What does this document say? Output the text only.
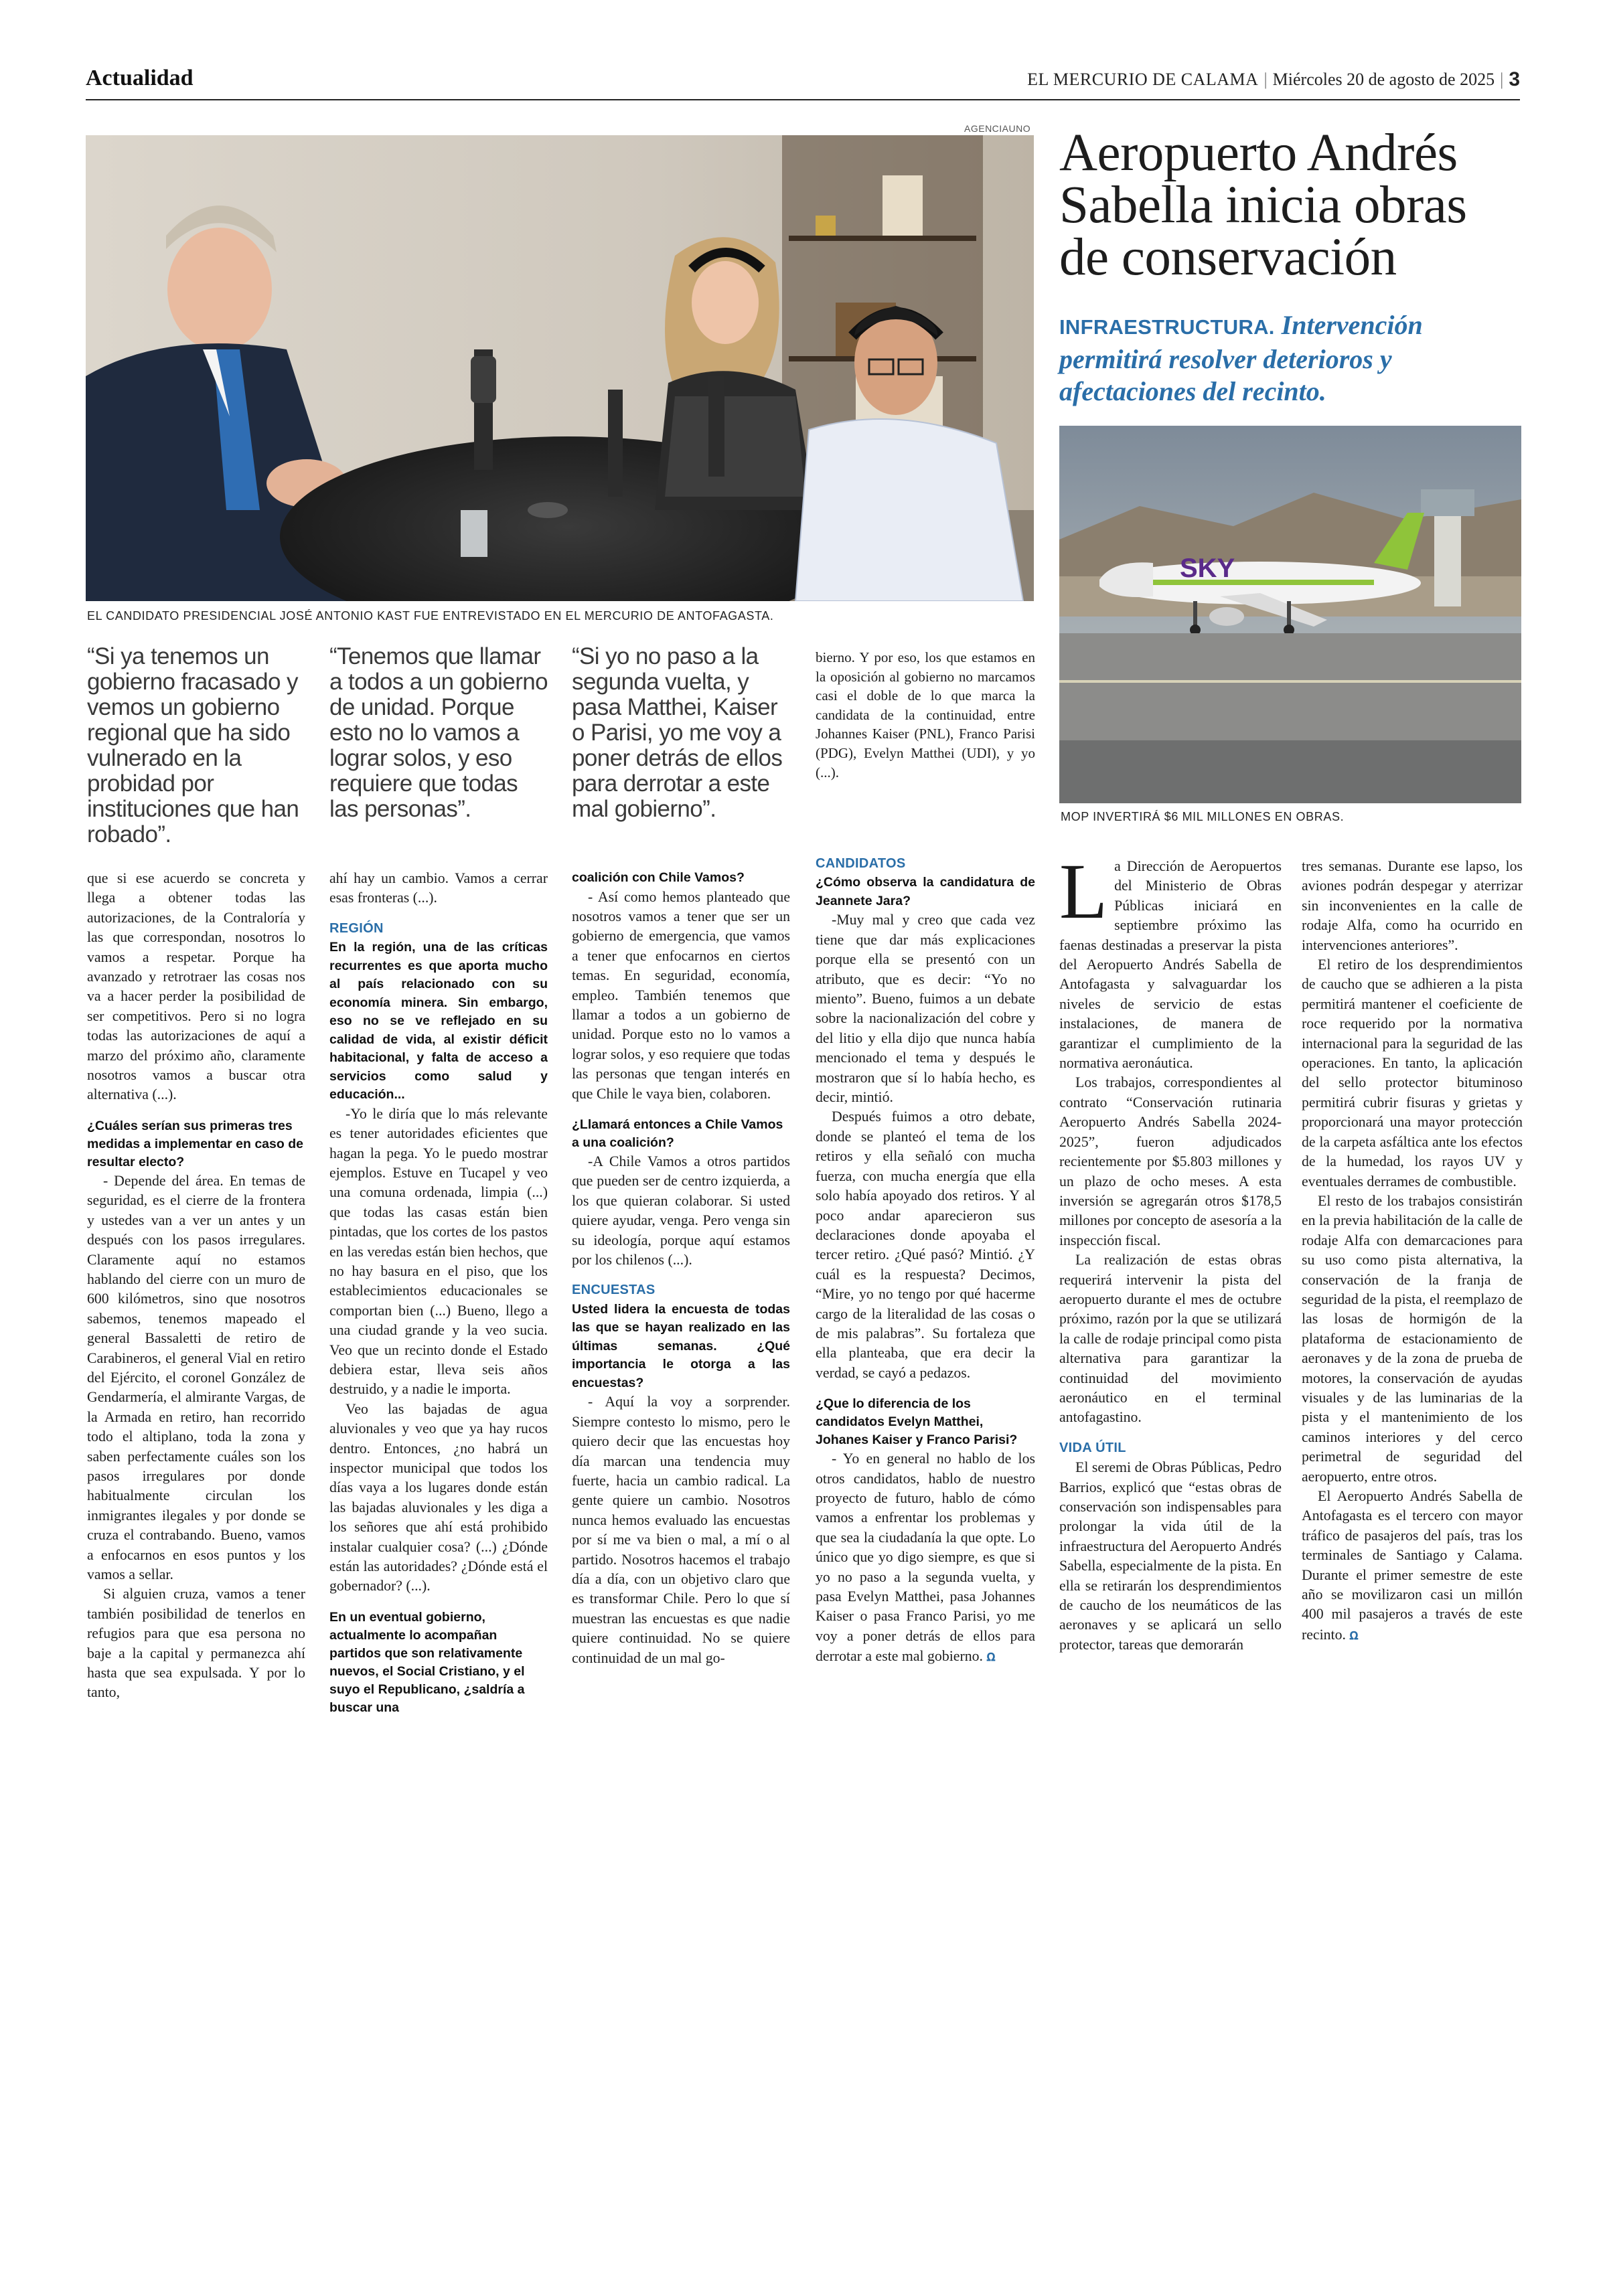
Actualidad	EL MERCURIO DE CALAMA | Miércoles 20 de agosto de 2025 | 3
AGENCIAUNO
EL CANDIDATO PRESIDENCIAL JOSÉ ANTONIO KAST FUE ENTREVISTADO EN EL MERCURIO DE ANTOFAGASTA.
“Si ya tenemos un gobierno fracasado y vemos un gobierno regional que ha sido vulnerado en la probidad por instituciones que han robado”.
“Tenemos que llamar a todos a un gobierno de unidad. Porque esto no lo vamos a lograr solos, y eso requiere que todas las personas”.
“Si yo no paso a la segunda vuelta, y pasa Matthei, Kaiser o Parisi, yo me voy a poner detrás de ellos para derrotar a este mal gobierno”.

bierno. Y por eso, los que estamos en la oposición al gobierno no marcamos casi el doble de lo que marca la candidata de la continuidad, entre Johannes Kaiser (PNL), Franco Parisi (PDG), Evelyn Matthei (UDI), y yo (...).

que si ese acuerdo se concreta y llega a obtener todas las autorizaciones, de la Contraloría y las que correspondan, nosotros lo vamos a respetar. Porque ha avanzado y retrotraer las cosas nos va a hacer perder la posibilidad de ser competitivos. Pero si no logra todas las autorizaciones de aquí a marzo del próximo año, claramente nosotros vamos a buscar otra alternativa (...).

¿Cuáles serían sus primeras tres medidas a implementar en caso de resultar electo?

- Depende del área. En temas de seguridad, es el cierre de la frontera y ustedes van a ver un antes y un después con los pasos irregulares. Claramente aquí no estamos hablando del cierre con un muro de 600 kilómetros, sino que nosotros sabemos, tenemos mapeado el general Bassaletti de retiro de Carabineros, el general Vial en retiro del Ejército, el coronel González de Gendarmería, el almirante Vargas, de la Armada en retiro, han recorrido todo el altiplano, toda la zona y saben perfectamente cuáles son los pasos irregulares por donde habitualmente circulan los inmigrantes ilegales y por donde se cruza el contrabando. Bueno, vamos a enfocarnos en esos puntos y los vamos a sellar.

Si alguien cruza, vamos a tener también posibilidad de tenerlos en refugios para que esa persona no baje a la capital y permanezca ahí hasta que sea expulsada. Y por lo tanto,

ahí hay un cambio. Vamos a cerrar esas fronteras (...).

REGIÓN

En la región, una de las críticas recurrentes es que aporta mucho al país relacionado con su economía minera. Sin embargo, eso no se ve reflejado en su calidad de vida, al existir déficit habitacional, y falta de acceso a servicios como salud y educación...

-Yo le diría que lo más relevante es tener autoridades eficientes que hagan la pega. Yo le puedo mostrar ejemplos. Estuve en Tucapel y veo una comuna ordenada, limpia (...) que todas las casas están bien pintadas, que los cortes de los pastos en las veredas están bien hechos, que no hay basura en el piso, que los establecimientos educacionales se comportan bien (...) Bueno, llego a una ciudad grande y la veo sucia. Veo que un recinto donde el Estado debiera estar, lleva seis años destruido, y a nadie le importa.

Veo las bajadas de agua aluvionales y veo que ya hay rucos dentro. Entonces, ¿no habrá un inspector municipal que todos los días vaya a los lugares donde están las bajadas aluvionales y les diga a los señores que ahí está prohibido instalar cualquier cosa? (...) ¿Dónde están las autoridades? ¿Dónde está el gobernador? (...).

En un eventual gobierno, actualmente lo acompañan partidos que son relativamente nuevos, el Social Cristiano, y el suyo el Republicano, ¿saldría a buscar una

coalición con Chile Vamos?

- Así como hemos planteado que nosotros vamos a tener que ser un gobierno de emergencia, que vamos a tener que enfocarnos en ciertos temas. En seguridad, economía, empleo. También tenemos que llamar a todos a un gobierno de unidad. Porque esto no lo vamos a lograr solos, y eso requiere que todas las personas que tengan interés en que Chile le vaya bien, colaboren.

¿Llamará entonces a Chile Vamos a una coalición?

-A Chile Vamos a otros partidos que pueden ser de centro izquierda, a los que quieran colaborar. Si usted quiere ayudar, venga. Pero venga sin su ideología, porque aquí estamos por los chilenos (...).

ENCUESTAS

Usted lidera la encuesta de todas las que se hayan realizado en las últimas semanas. ¿Qué importancia le otorga a las encuestas?

- Aquí la voy a sorprender. Siempre contesto lo mismo, pero le quiero decir que las encuestas hoy día marcan una tendencia muy fuerte, hacia un cambio radical. La gente quiere un cambio. Nosotros nunca hemos evaluado las encuestas por sí me va bien o mal, a mí o al partido. Nosotros hacemos el trabajo día a día, con un objetivo claro que es transformar Chile. Pero lo que sí muestran las encuestas es que nadie quiere continuidad. No se quiere continuidad de un mal go-

CANDIDATOS

¿Cómo observa la candidatura de Jeannete Jara?

-Muy mal y creo que cada vez tiene que dar más explicaciones porque ella se presentó con un atributo, que es decir: “Yo no miento”. Bueno, fuimos a un debate sobre la nacionalización del cobre y del litio y ella dijo que nunca había mencionado el tema y después le mostraron que sí lo había hecho, es decir, mintió.

Después fuimos a otro debate, donde se planteó el tema de los retiros y ella señaló con mucha fuerza, con mucha energía que ella solo había apoyado dos retiros. Y al poco andar aparecieron sus declaraciones donde apoyaba el tercer retiro. ¿Qué pasó? Mintió. ¿Y cuál es la respuesta? Decimos, “Mire, yo no tengo por qué hacerme cargo de la literalidad de las cosas o de mis palabras”. Su fortaleza que ella planteaba, que era decir la verdad, se cayó a pedazos.

¿Que lo diferencia de los candidatos Evelyn Matthei, Johanes Kaiser y Franco Parisi?

- Yo en general no hablo de los otros candidatos, hablo de nuestro proyecto de futuro, hablo de cómo vamos a enfrentar los problemas y que sea la ciudadanía la que opte. Lo único que yo digo siempre, es que si yo no paso a la segunda vuelta, y pasa Evelyn Matthei, pasa Johannes Kaiser o pasa Franco Parisi, yo me voy a poner detrás de ellos para derrotar a este mal gobierno. ꭥ

Aeropuerto Andrés Sabella inicia obras de conservación
INFRAESTRUCTURA. Intervención permitirá resolver deterioros y afectaciones del recinto.
SKY
MOP INVERTIRÁ $6 MIL MILLONES EN OBRAS.

La Dirección de Aeropuertos del Ministerio de Obras Públicas iniciará en septiembre próximo las faenas destinadas a preservar la pista del Aeropuerto Andrés Sabella de Antofagasta y salvaguardar los niveles de servicio de estas instalaciones, de manera de garantizar el cumplimiento de la normativa aeronáutica.

Los trabajos, correspondientes al contrato “Conservación rutinaria Aeropuerto Andrés Sabella 2024-2025”, fueron adjudicados recientemente por $5.803 millones y un plazo de ocho meses. A esta inversión se agregarán otros $178,5 millones por concepto de asesoría a la inspección fiscal.

La realización de estas obras requerirá intervenir la pista del aeropuerto durante el mes de octubre próximo, razón por la que se utilizará la calle de rodaje principal como pista alternativa para garantizar la continuidad del movimiento aeronáutico en el terminal antofagastino.

VIDA ÚTIL

El seremi de Obras Públicas, Pedro Barrios, explicó que “estas obras de conservación son indispensables para prolongar la vida útil de la infraestructura del Aeropuerto Andrés Sabella, especialmente de la pista. En ella se retirarán los desprendimientos de caucho de los neumáticos de las aeronaves y se aplicará un sello protector, tareas que demorarán

tres semanas. Durante ese lapso, los aviones podrán despegar y aterrizar sin inconvenientes en la calle de rodaje Alfa, como ha ocurrido en intervenciones anteriores”.

El retiro de los desprendimientos de caucho que se adhieren a la pista permitirá mantener el coeficiente de roce requerido por la normativa internacional para la seguridad de las operaciones. En tanto, la aplicación del sello protector bituminoso permitirá cubrir fisuras y grietas y proporcionará una mayor protección de la carpeta asfáltica ante los efectos de la humedad, los rayos UV y eventuales derrames de combustible.

El resto de los trabajos consistirán en la previa habilitación de la calle de rodaje Alfa con demarcaciones para su uso como pista alternativa, la conservación de la franja de seguridad de la pista, el reemplazo de las losas de hormigón de la plataforma de estacionamiento de aeronaves y de la zona de prueba de motores, la conservación de ayudas visuales y de las luminarias de la pista y el mantenimiento de los caminos interiores y del cerco perimetral de seguridad del aeropuerto, entre otros.

El Aeropuerto Andrés Sabella de Antofagasta es el tercero con mayor tráfico de pasajeros del país, tras los terminales de Santiago y Calama. Durante el primer semestre de este año se movilizaron casi un millón 400 mil pasajeros a través de este recinto. ꭥ
